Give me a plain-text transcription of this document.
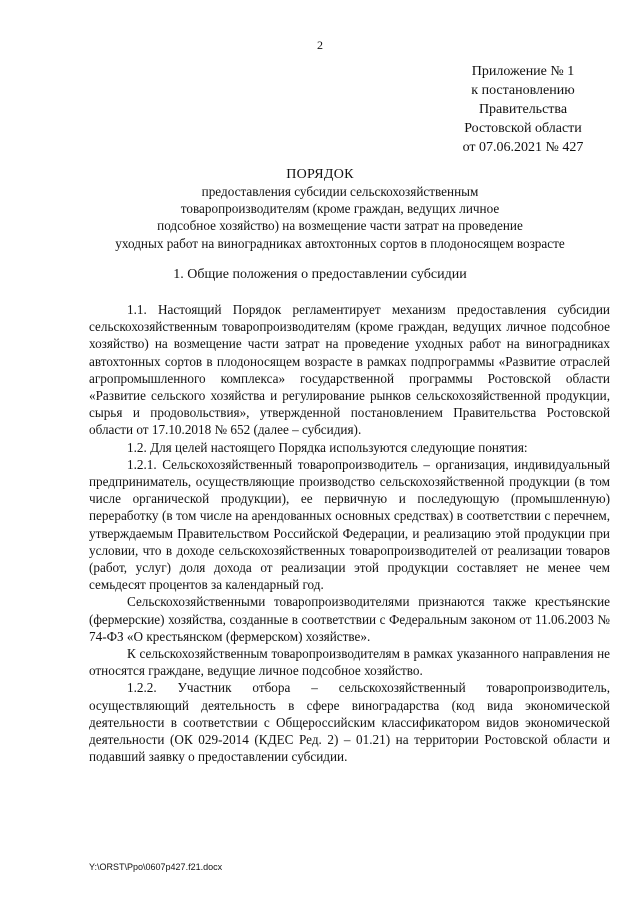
2
Приложение № 1
к постановлению
Правительства
Ростовской области
от 07.06.2021 № 427
ПОРЯДОК
предоставления субсидии сельскохозяйственным
товаропроизводителям (кроме граждан, ведущих личное
подсобное хозяйство) на возмещение части затрат на проведение
уходных работ на виноградниках автохтонных сортов в плодоносящем возрасте
1. Общие положения о предоставлении субсидии

1.1. Настоящий Порядок регламентирует механизм предоставления субсидии сельскохозяйственным товаропроизводителям (кроме граждан, ведущих личное подсобное хозяйство) на возмещение части затрат на проведение уходных работ на виноградниках автохтонных сортов в плодоносящем возрасте в рамках подпрограммы «Развитие отраслей агропромышленного комплекса» государственной программы Ростовской области «Развитие сельского хозяйства и регулирование рынков сельскохозяйственной продукции, сырья и продовольствия», утвержденной постановлением Правительства Ростовской области от 17.10.2018 № 652 (далее – субсидия).

1.2. Для целей настоящего Порядка используются следующие понятия:

1.2.1. Сельскохозяйственный товаропроизводитель – организация, индивидуальный предприниматель, осуществляющие производство сельскохозяйственной продукции (в том числе органической продукции), ее первичную и последующую (промышленную) переработку (в том числе на арендованных основных средствах) в соответствии с перечнем, утверждаемым Правительством Российской Федерации, и реализацию этой продукции при условии, что в доходе сельскохозяйственных товаропроизводителей от реализации товаров (работ, услуг) доля дохода от реализации этой продукции составляет не менее чем семьдесят процентов за календарный год.

Сельскохозяйственными товаропроизводителями признаются также крестьянские (фермерские) хозяйства, созданные в соответствии с Федеральным законом от 11.06.2003 № 74-ФЗ «О крестьянском (фермерском) хозяйстве».

К сельскохозяйственным товаропроизводителям в рамках указанного направления не относятся граждане, ведущие личное подсобное хозяйство.

1.2.2. Участник отбора – сельскохозяйственный товаропроизводитель, осуществляющий деятельность в сфере виноградарства (код вида экономической деятельности в соответствии с Общероссийским классификатором видов экономической деятельности (ОК 029-2014 (КДЕС Ред. 2) – 01.21) на территории Ростовской области и подавший заявку о предоставлении субсидии.

Y:\ORST\Ppo\0607p427.f21.docx
